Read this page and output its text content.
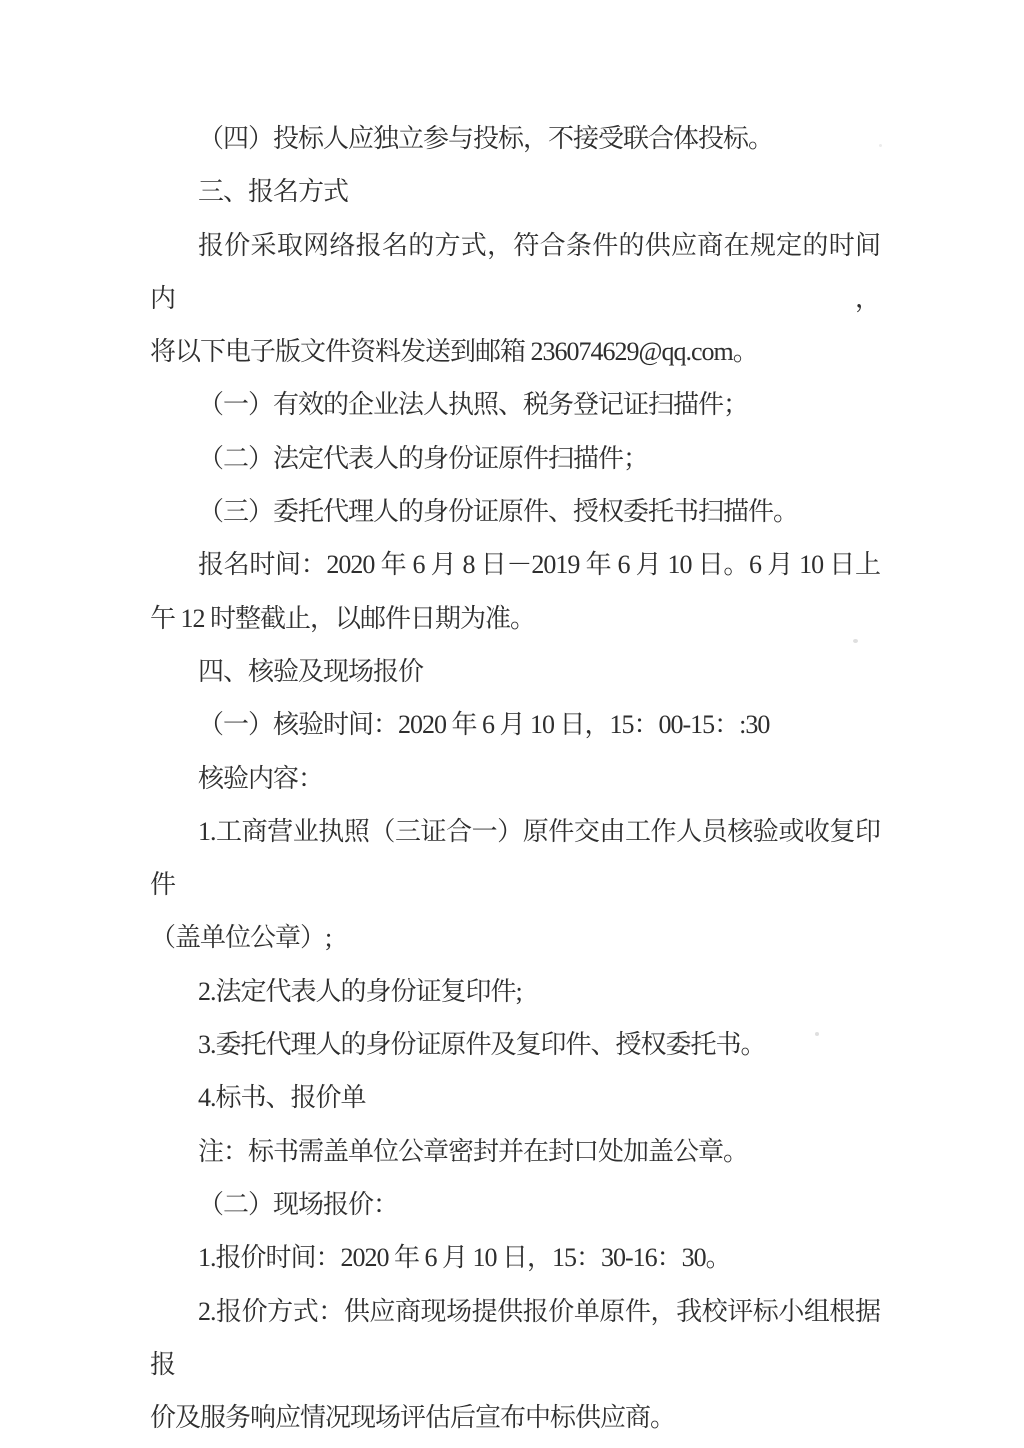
（四）投标人应独立参与投标，不接受联合体投标。
三、报名方式
报价采取网络报名的方式，符合条件的供应商在规定的时间内，
将以下电子版文件资料发送到邮箱 236074629@qq.com。
（一）有效的企业法人执照、税务登记证扫描件；
（二）法定代表人的身份证原件扫描件；
（三）委托代理人的身份证原件、授权委托书扫描件。
报名时间：2020 年 6 月 8 日－2019 年 6 月 10 日。6 月 10 日上
午 12 时整截止，以邮件日期为准。
四、核验及现场报价
（一）核验时间：2020 年 6 月 10 日，15：00-15：:30
核验内容：
1.工商营业执照（三证合一）原件交由工作人员核验或收复印件
（盖单位公章）;
2.法定代表人的身份证复印件;
3.委托代理人的身份证原件及复印件、授权委托书。
4.标书、报价单
注：标书需盖单位公章密封并在封口处加盖公章。
（二）现场报价：
1.报价时间：2020 年 6 月 10 日，15：30-16：30。
2.报价方式：供应商现场提供报价单原件，我校评标小组根据报
价及服务响应情况现场评估后宣布中标供应商。
